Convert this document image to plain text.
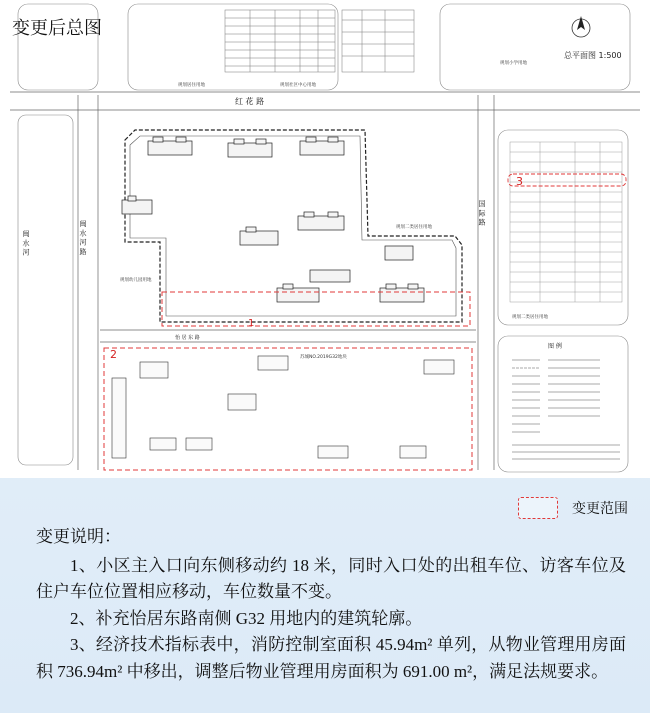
总平面图 1:500
规划居住用地	规划社区中心用地
规划小学用地
红 花 路
闽 水 河 路
国 际 路
怡 居 东 路
闽 水 河
规划幼儿园用地
规划二类居住用地
规划二类居住用地
1
2	苏城NO.2019G32地块
3
图 例
变更后总图
变更范围

变更说明：

1、小区主入口向东侧移动约 18 米，同时入口处的出租车位、访客车位及住户车位位置相应移动，车位数量不变。

2、补充怡居东路南侧 G32 用地内的建筑轮廓。

3、经济技术指标表中，消防控制室面积 45.94m² 单列，从物业管理用房面积 736.94m² 中移出，调整后物业管理用房面积为 691.00 m²，满足法规要求。
